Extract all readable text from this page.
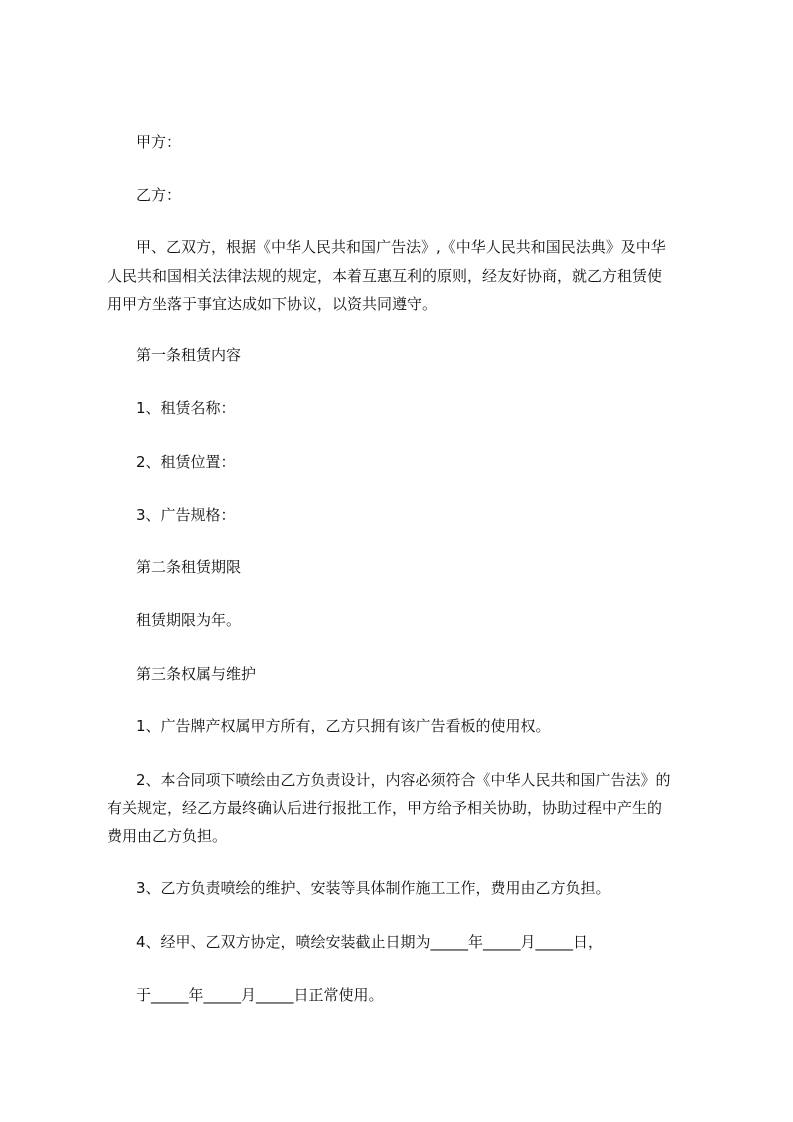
甲方：

乙方：

甲、乙双方，根据《中华人民共和国广告法》,《中华人民共和国民法典》及中华

人民共和国相关法律法规的规定，本着互惠互利的原则，经友好协商，就乙方租赁使

用甲方坐落于事宜达成如下协议，以资共同遵守。

第一条租赁内容

1、租赁名称：

2、租赁位置：

3、广告规格：

第二条租赁期限

租赁期限为年。

第三条权属与维护

1、广告牌产权属甲方所有，乙方只拥有该广告看板的使用权。

2、本合同项下喷绘由乙方负责设计，内容必须符合《中华人民共和国广告法》的

有关规定，经乙方最终确认后进行报批工作，甲方给予相关协助，协助过程中产生的

费用由乙方负担。

3、乙方负责喷绘的维护、安装等具体制作施工工作，费用由乙方负担。

4、经甲、乙双方协定，喷绘安装截止日期为_____年_____月_____日，

于_____年_____月_____日正常使用。
